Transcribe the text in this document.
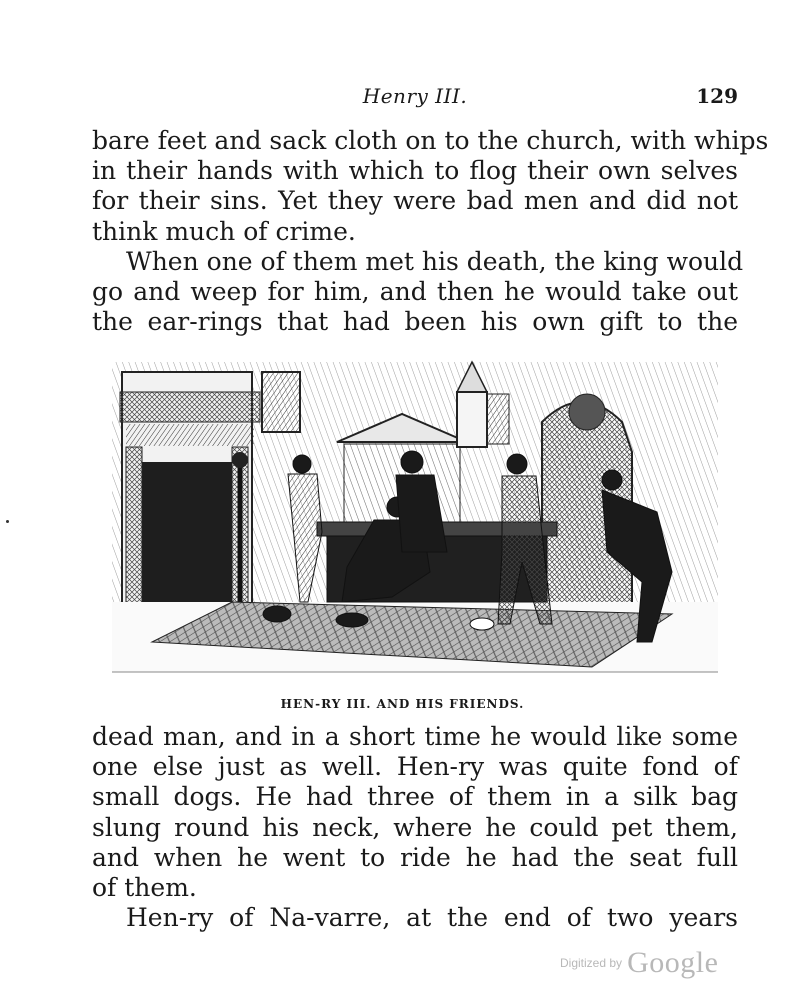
Henry III.	129
bare feet and sack cloth on to the church, with whips
in their hands with which to flog their own selves
for their sins. Yet they were bad men and did not
think much of crime.
When one of them met his death, the king would
go and weep for him, and then he would take out
the ear-rings that had been his own gift to the
HEN-RY III. AND HIS FRIENDS.
dead man, and in a short time he would like some
one else just as well. Hen-ry was quite fond of
small dogs. He had three of them in a silk bag
slung round his neck, where he could pet them,
and when he went to ride he had the seat full
of them.
Hen-ry of Na-varre, at the end of two years
Digitized by Google
